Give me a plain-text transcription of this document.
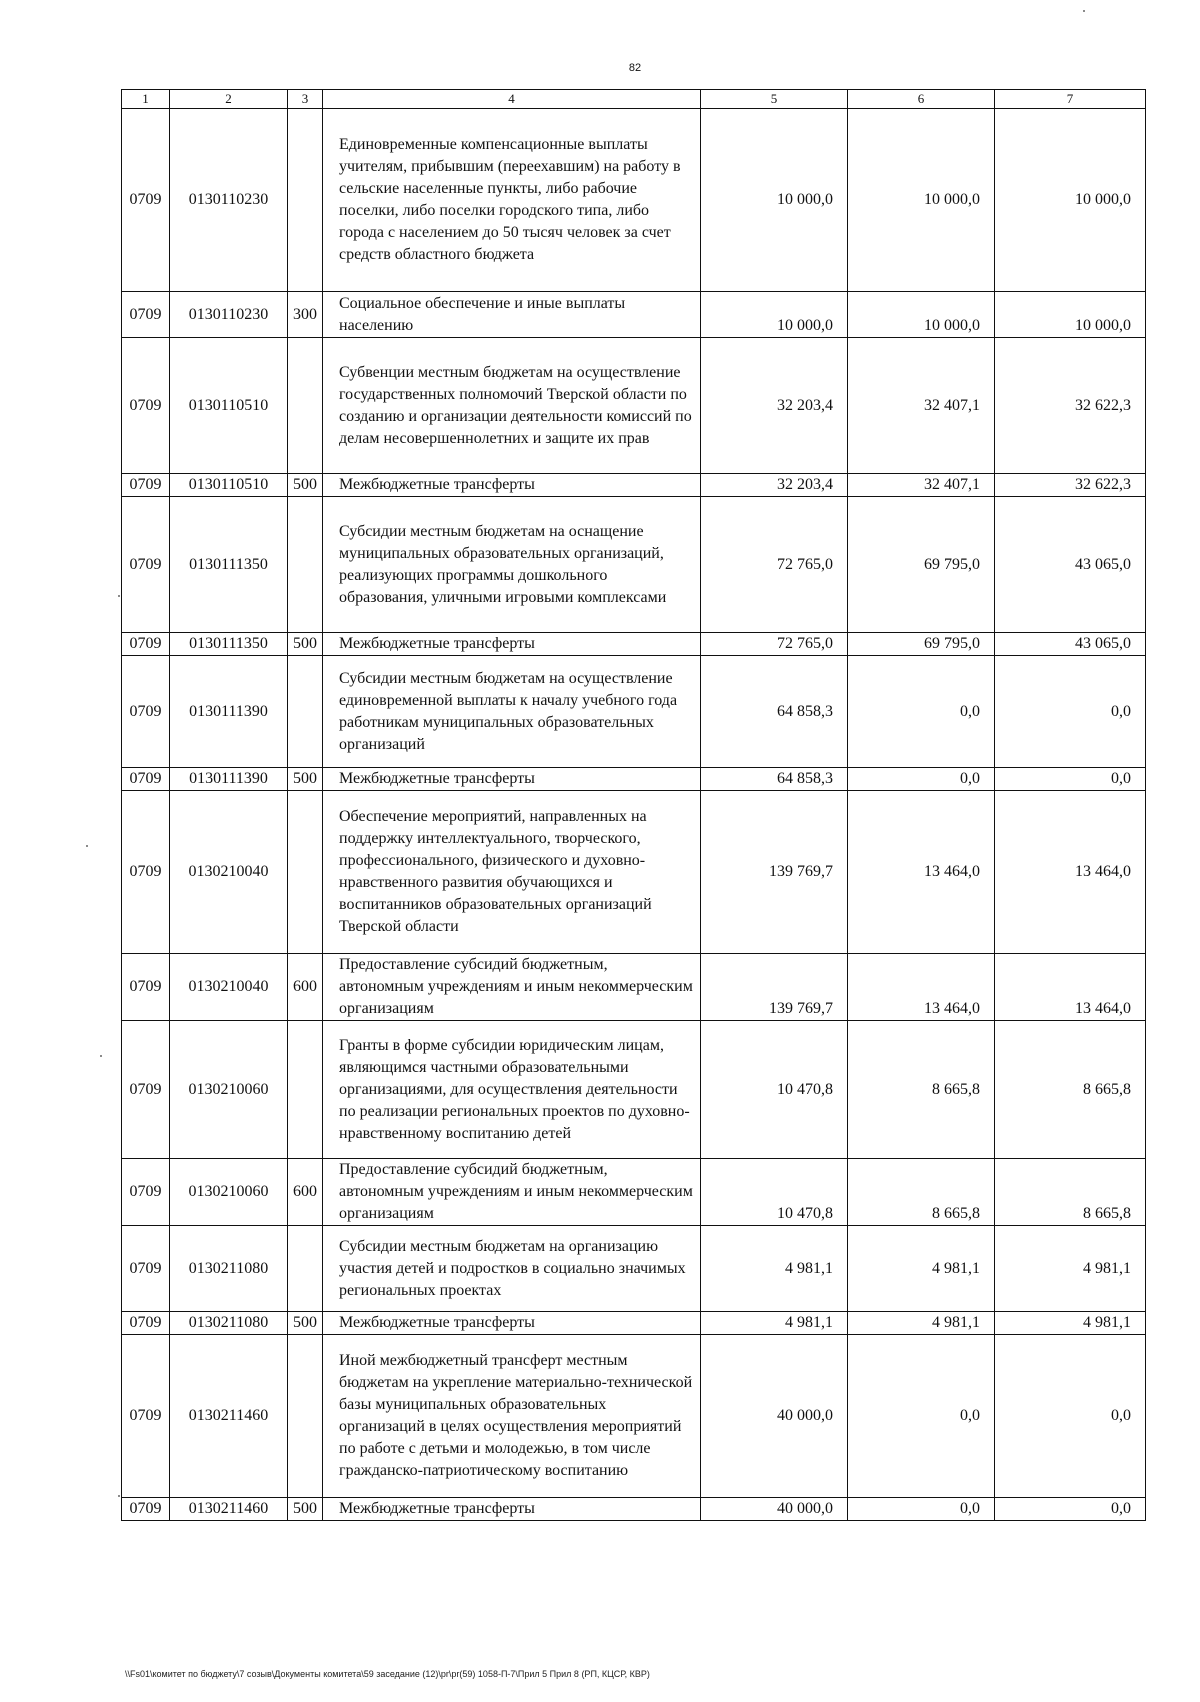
82
1	2	3	4	5	6	7
0709	0130110230		Единовременные компенсационные выплаты учителям, прибывшим (переехавшим) на работу в сельские населенные пункты, либо рабочие поселки, либо поселки городского типа, либо города с населением до 50 тысяч человек за счет средств областного бюджета	10 000,0	10 000,0	10 000,0
0709	0130110230	300	Социальное обеспечение и иные выплаты населению	10 000,0	10 000,0	10 000,0
0709	0130110510		Субвенции местным бюджетам на осуществление государственных полномочий Тверской области по созданию и организации деятельности комиссий по делам несовершеннолетних и защите их прав	32 203,4	32 407,1	32 622,3
0709	0130110510	500	Межбюджетные трансферты	32 203,4	32 407,1	32 622,3
0709	0130111350		Субсидии местным бюджетам на оснащение муниципальных образовательных организаций, реализующих программы дошкольного образования, уличными игровыми комплексами	72 765,0	69 795,0	43 065,0
0709	0130111350	500	Межбюджетные трансферты	72 765,0	69 795,0	43 065,0
0709	0130111390		Субсидии местным бюджетам на осуществление единовременной выплаты к началу учебного года работникам муниципальных образовательных организаций	64 858,3	0,0	0,0
0709	0130111390	500	Межбюджетные трансферты	64 858,3	0,0	0,0
0709	0130210040		Обеспечение мероприятий, направленных на поддержку интеллектуального, творческого, профессионального, физического и духовно-нравственного развития обучающихся и воспитанников образовательных организаций Тверской области	139 769,7	13 464,0	13 464,0
0709	0130210040	600	Предоставление субсидий бюджетным, автономным учреждениям и иным некоммерческим организациям	139 769,7	13 464,0	13 464,0
0709	0130210060		Гранты в форме субсидии юридическим лицам, являющимся частными образовательными организациями, для осуществления деятельности по реализации региональных проектов по духовно-нравственному воспитанию детей	10 470,8	8 665,8	8 665,8
0709	0130210060	600	Предоставление субсидий бюджетным, автономным учреждениям и иным некоммерческим организациям	10 470,8	8 665,8	8 665,8
0709	0130211080		Субсидии местным бюджетам на организацию участия детей и подростков в социально значимых региональных проектах	4 981,1	4 981,1	4 981,1
0709	0130211080	500	Межбюджетные трансферты	4 981,1	4 981,1	4 981,1
0709	0130211460		Иной межбюджетный трансферт местным бюджетам на укрепление материально-технической базы муниципальных образовательных организаций в целях осуществления мероприятий по работе с детьми и молодежью, в том числе гражданско-патриотическому воспитанию	40 000,0	0,0	0,0
0709	0130211460	500	Межбюджетные трансферты	40 000,0	0,0	0,0
\\Fs01\комитет по бюджету\7 созыв\Документы комитета\59 заседание (12)\pr\pr(59) 1058-П-7\Прил 5 Прил 8 (РП, КЦСР, КВР)
